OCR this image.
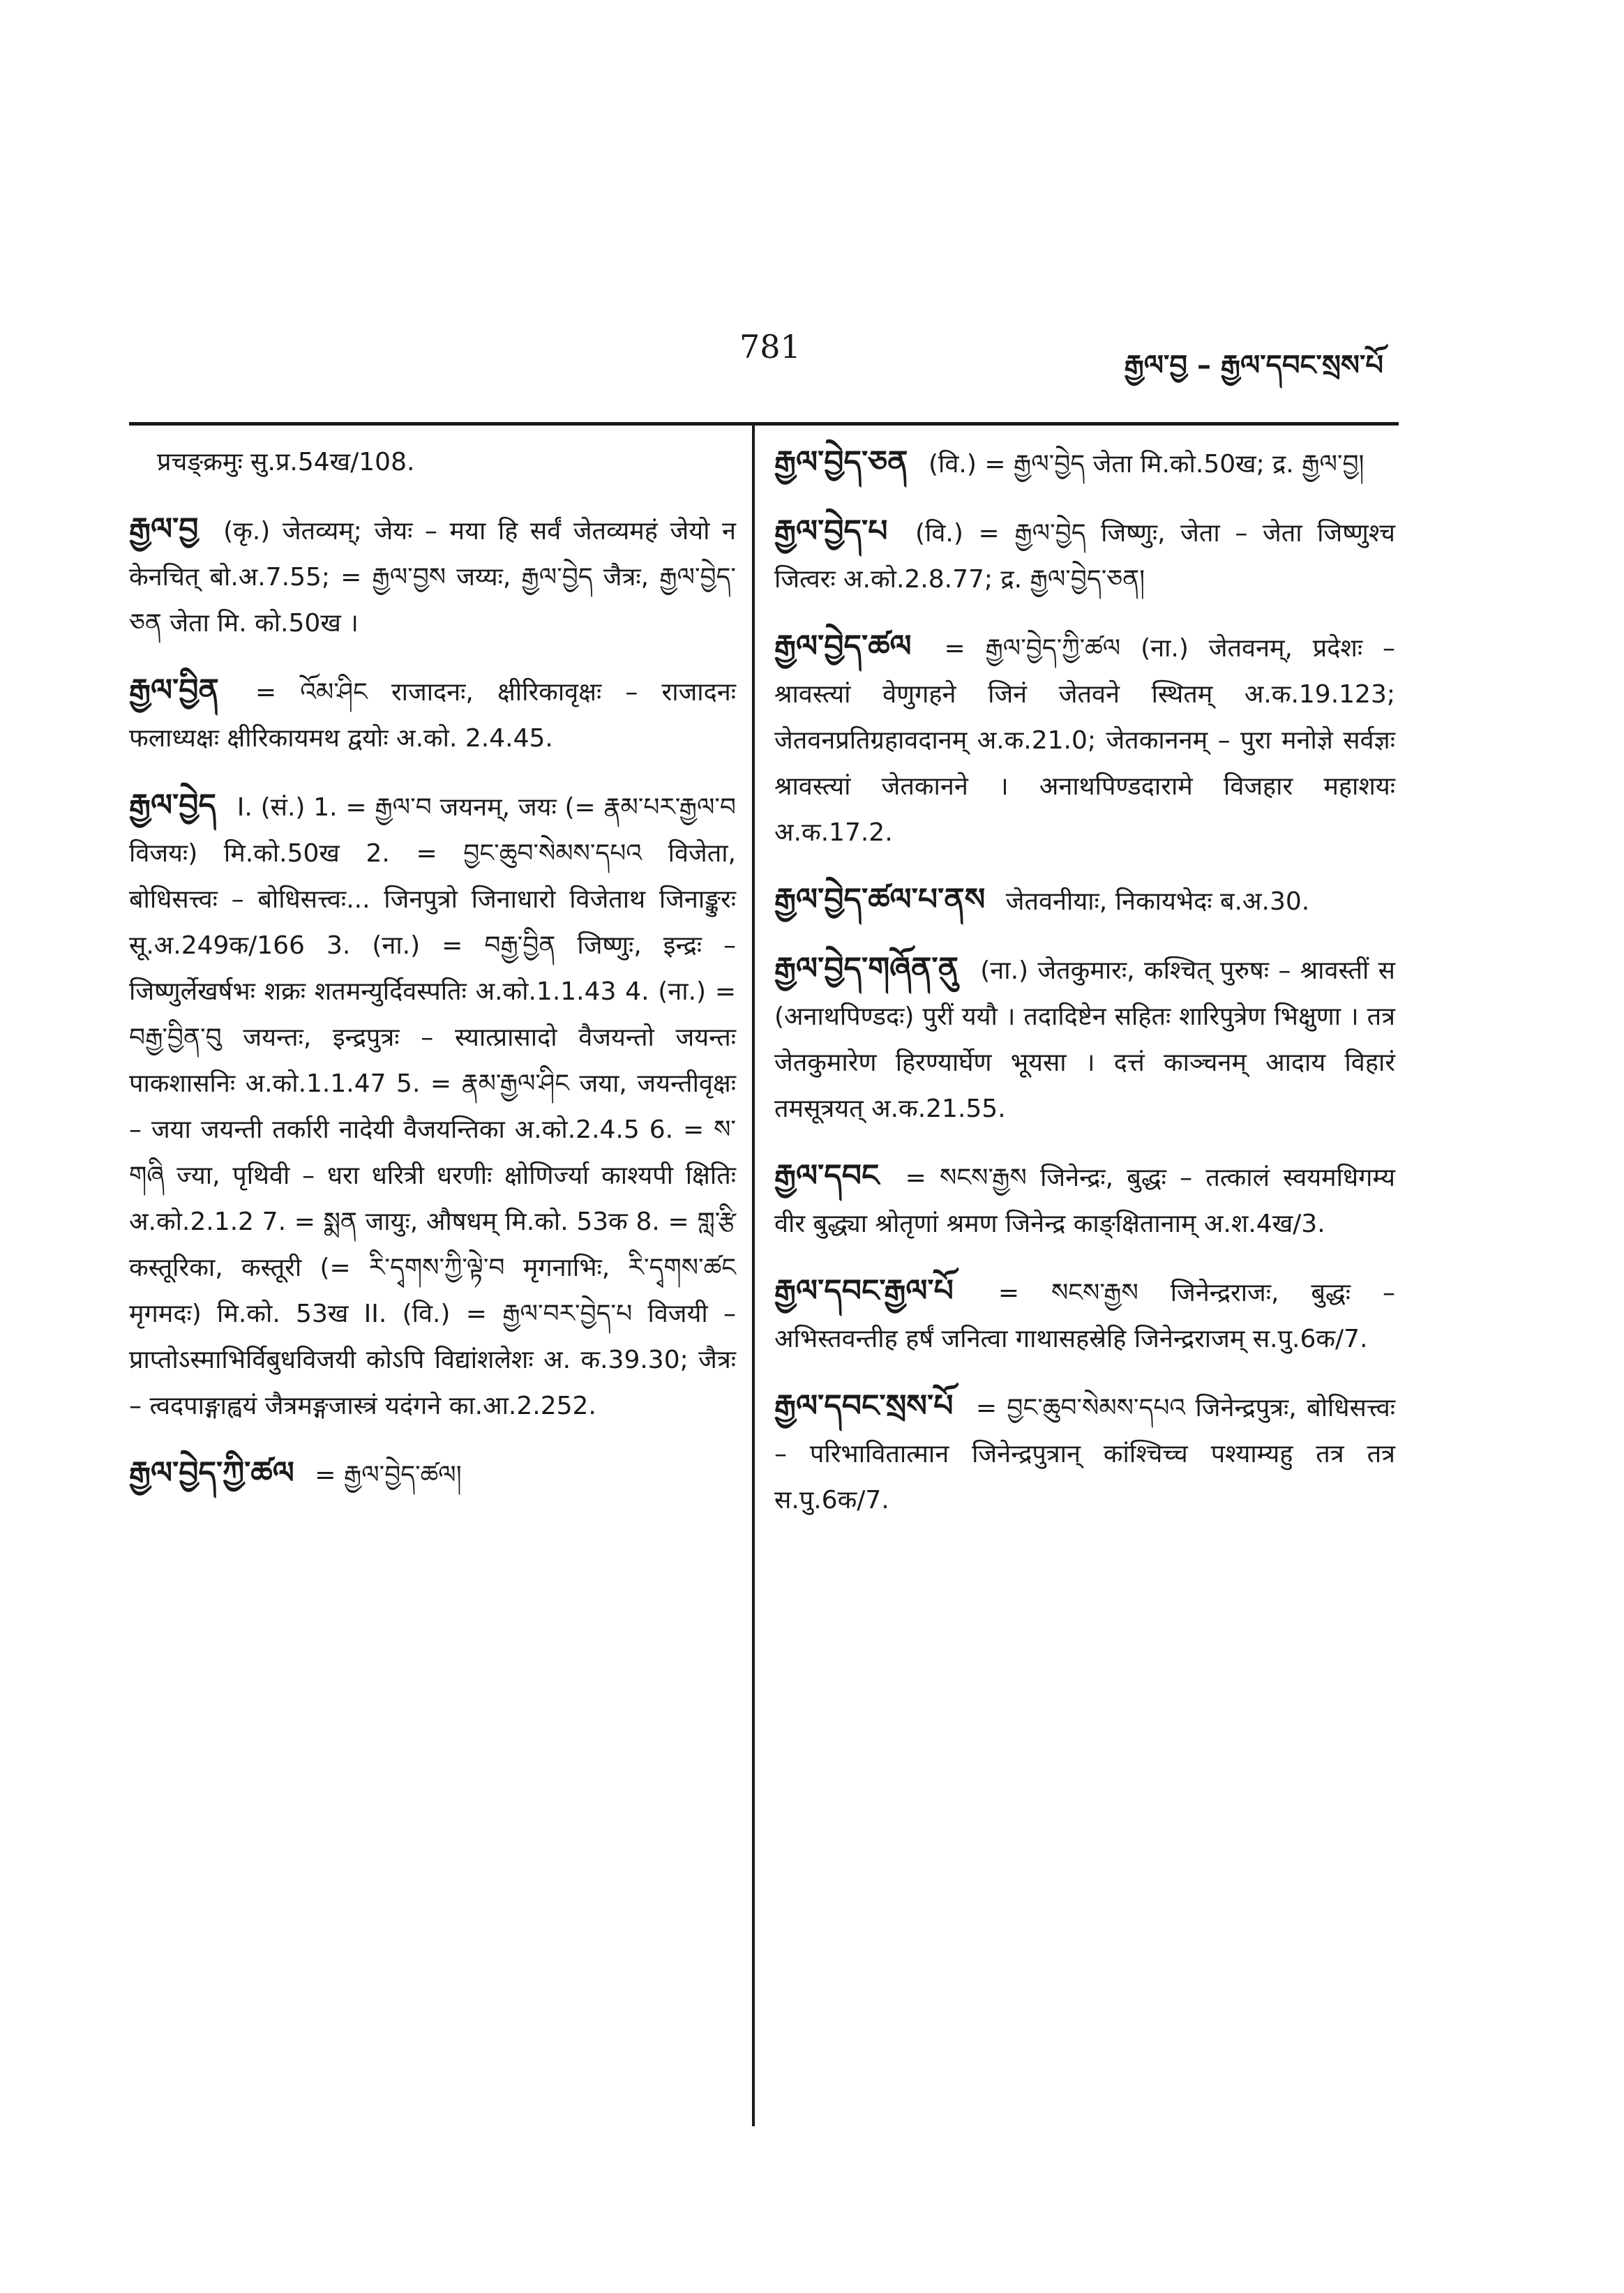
781	རྒྱལ་བྱ – རྒྱལ་དབང་སྲས་པོ
प्रचङ्क्रमुः सु.प्र.54ख/108.
རྒྱལ་བྱ (कृ.) जेतव्यम्; जेयः – मया हि सर्वं जेतव्यमहं जेयो न केनचित् बो.अ.7.55; = རྒྱལ་བྱས जय्यः, རྒྱལ་བྱེད जैत्रः, རྒྱལ་བྱེད་ཅན जेता मि. को.50ख ।
རྒྱལ་བྱིན = འོམ་ཤིང राजादनः, क्षीरिकावृक्षः – राजादनः फलाध्यक्षः क्षीरिकायमथ द्वयोः अ.को. 2.4.45.
རྒྱལ་བྱེད I. (सं.) 1. = རྒྱལ་བ जयनम्, जयः (= རྣམ་པར་རྒྱལ་བ विजयः) मि.को.50ख 2. = བྱང་ཆུབ་སེམས་དཔའ विजेता, बोधिसत्त्वः – बोधिसत्त्वः... जिनपुत्रो जिनाधारो विजेताथ जिनाङ्कुरः सू.अ.249क/166 3. (ना.) = བརྒྱ་བྱིན जिष्णुः, इन्द्रः – जिष्णुर्लेखर्षभः शक्रः शतमन्युर्दिवस्पतिः अ.को.1.1.43 4. (ना.) = བརྒྱ་བྱིན་བུ जयन्तः, इन्द्रपुत्रः – स्यात्प्रासादो वैजयन्तो जयन्तः पाकशासनिः अ.को.1.1.47 5. = རྣམ་རྒྱལ་ཤིང जया, जयन्तीवृक्षः – जया जयन्ती तर्कारी नादेयी वैजयन्तिका अ.को.2.4.5 6. = ས་གཞི ज्या, पृथिवी – धरा धरित्री धरणीः क्षोणिर्ज्या काश्यपी क्षितिः अ.को.2.1.2 7. = སྨན जायुः, औषधम् मि.को. 53क 8. = གླ་རྩི कस्तूरिका, कस्तूरी (= རི་དྭགས་ཀྱི་ལྟེ་བ मृगनाभिः, རི་དྭགས་ཚང मृगमदः) मि.को. 53ख II. (वि.) = རྒྱལ་བར་བྱེད་པ विजयी – प्राप्तोऽस्माभिर्विबुधविजयी कोऽपि विद्यांशलेशः अ. क.39.30; जैत्रः – त्वदपाङ्गाह्वयं जैत्रमङ्गजास्त्रं यदंगने का.आ.2.252.
རྒྱལ་བྱེད་ཀྱི་ཚལ = རྒྱལ་བྱེད་ཚལ།
རྒྱལ་བྱེད་ཅན (वि.) = རྒྱལ་བྱེད जेता मि.को.50ख; द्र. རྒྱལ་བྱ།
རྒྱལ་བྱེད་པ (वि.) = རྒྱལ་བྱེད जिष्णुः, जेता – जेता जिष्णुश्च जित्वरः अ.को.2.8.77; द्र. རྒྱལ་བྱེད་ཅན།
རྒྱལ་བྱེད་ཚལ = རྒྱལ་བྱེད་ཀྱི་ཚལ (ना.) जेतवनम्, प्रदेशः – श्रावस्त्यां वेणुगहने जिनं जेतवने स्थितम् अ.क.19.123; जेतवनप्रतिग्रहावदानम् अ.क.21.0; जेतकाननम् – पुरा मनोज्ञे सर्वज्ञः श्रावस्त्यां जेतकानने । अनाथपिण्डदारामे विजहार महाशयः अ.क.17.2.
རྒྱལ་བྱེད་ཚལ་པ་ནས जेतवनीयाः, निकायभेदः ब.अ.30.
རྒྱལ་བྱེད་གཞོན་ནུ (ना.) जेतकुमारः, कश्चित् पुरुषः – श्रावस्तीं स (अनाथपिण्डदः) पुरीं ययौ । तदादिष्टेन सहितः शारिपुत्रेण भिक्षुणा । तत्र जेतकुमारेण हिरण्यार्घेण भूयसा । दत्तं काञ्चनम् आदाय विहारं तमसूत्रयत् अ.क.21.55.
རྒྱལ་དབང = སངས་རྒྱས जिनेन्द्रः, बुद्धः – तत्कालं स्वयमधिगम्य वीर बुद्ध्या श्रोतृणां श्रमण जिनेन्द्र काङ्क्षितानाम् अ.श.4ख/3.
རྒྱལ་དབང་རྒྱལ་པོ = སངས་རྒྱས जिनेन्द्रराजः, बुद्धः – अभिस्तवन्तीह हर्षं जनित्वा गाथासहस्रेहि जिनेन्द्रराजम् स.पु.6क/7.
རྒྱལ་དབང་སྲས་པོ = བྱང་ཆུབ་སེམས་དཔའ जिनेन्द्रपुत्रः, बोधिसत्त्वः – परिभावितात्मान जिनेन्द्रपुत्रान् कांश्चिच्च पश्याम्यहु तत्र तत्र स.पु.6क/7.
